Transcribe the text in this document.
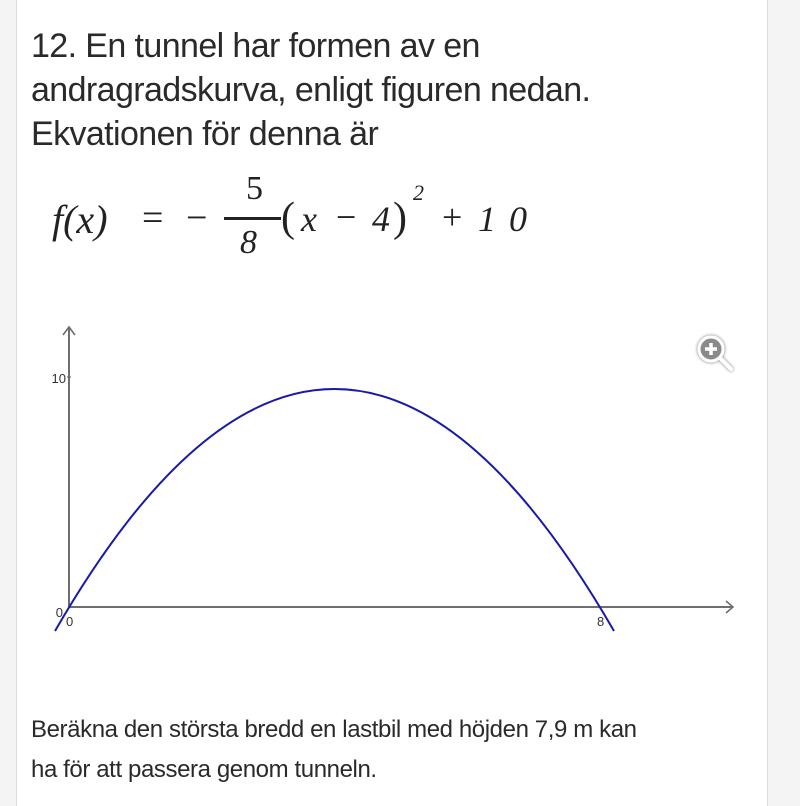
12. En tunnel har formen av en
andragradskurva, enligt figuren nedan.
Ekvationen för denna är
f(x) = −
5
8
( x − 4 )
2
+ 1 0
10
0
0	8
Beräkna den största bredd en lastbil med höjden 7,9 m kan
ha för att passera genom tunneln.
